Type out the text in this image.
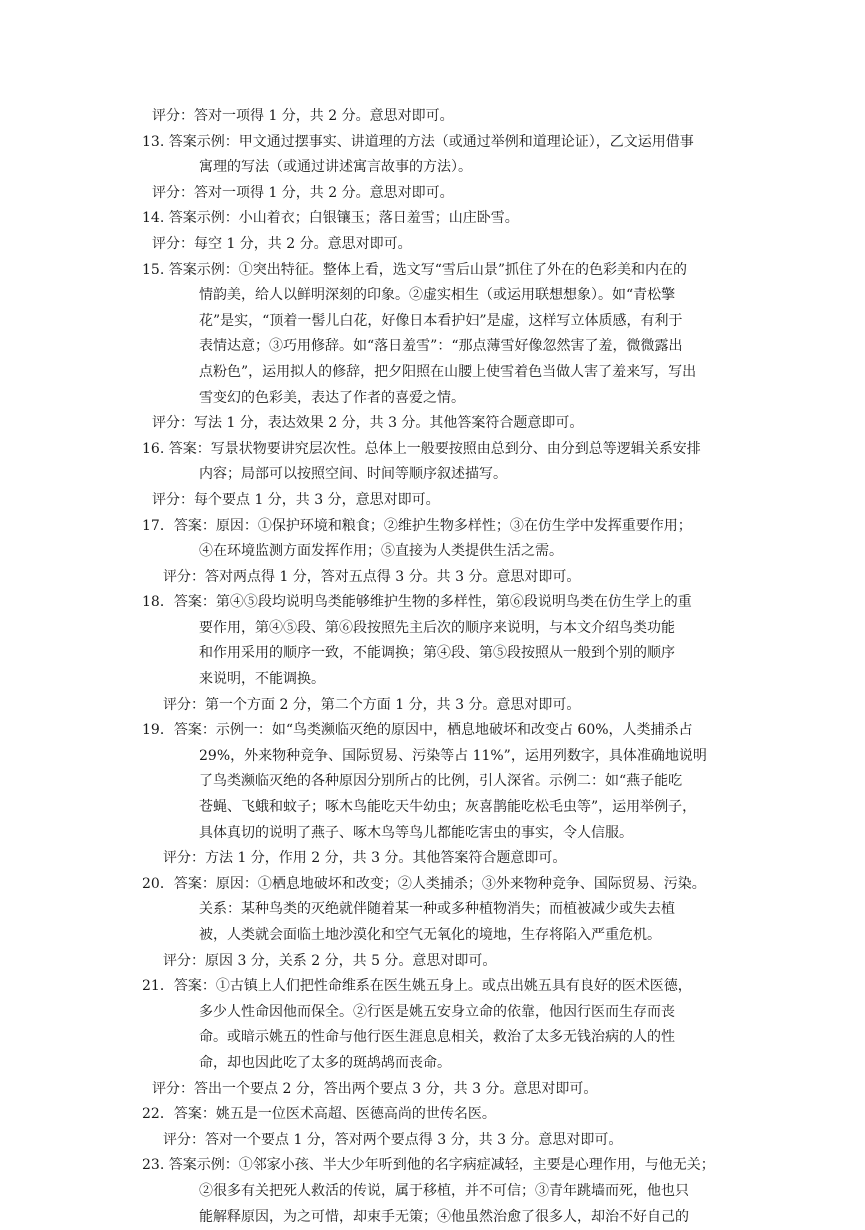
评分：答对一项得 1 分，共 2 分。意思对即可。
13. 答案示例：甲文通过摆事实、讲道理的方法（或通过举例和道理论证），乙文运用借事
寓理的写法（或通过讲述寓言故事的方法）。
评分：答对一项得 1 分，共 2 分。意思对即可。
14. 答案示例：小山着衣；白银镶玉；落日羞雪；山庄卧雪。
评分：每空 1 分，共 2 分。意思对即可。
15. 答案示例：①突出特征。整体上看，选文写“雪后山景”抓住了外在的色彩美和内在的
情韵美，给人以鲜明深刻的印象。②虚实相生（或运用联想想象）。如“青松擎
花”是实，“顶着一髻儿白花，好像日本看护妇”是虚，这样写立体质感，有利于
表情达意；③巧用修辞。如“落日羞雪”：“那点薄雪好像忽然害了羞，微微露出
点粉色”，运用拟人的修辞，把夕阳照在山腰上使雪着色当做人害了羞来写，写出
雪变幻的色彩美，表达了作者的喜爱之情。
评分：写法 1 分，表达效果 2 分，共 3 分。其他答案符合题意即可。
16. 答案：写景状物要讲究层次性。总体上一般要按照由总到分、由分到总等逻辑关系安排
内容；局部可以按照空间、时间等顺序叙述描写。
评分：每个要点 1 分，共 3 分，意思对即可。
17．答案：原因：①保护环境和粮食；②维护生物多样性；③在仿生学中发挥重要作用；
④在环境监测方面发挥作用；⑤直接为人类提供生活之需。
评分：答对两点得 1 分，答对五点得 3 分。共 3 分。意思对即可。
18．答案：第④⑤段均说明鸟类能够维护生物的多样性，第⑥段说明鸟类在仿生学上的重
要作用，第④⑤段、第⑥段按照先主后次的顺序来说明，与本文介绍鸟类功能
和作用采用的顺序一致，不能调换；第④段、第⑤段按照从一般到个别的顺序
来说明，不能调换。
评分：第一个方面 2 分，第二个方面 1 分，共 3 分。意思对即可。
19．答案：示例一：如“鸟类濒临灭绝的原因中，栖息地破坏和改变占 60%，人类捕杀占
29%，外来物种竞争、国际贸易、污染等占 11%”，运用列数字，具体准确地说明
了鸟类濒临灭绝的各种原因分别所占的比例，引人深省。示例二：如“燕子能吃
苍蝇、飞蛾和蚊子；啄木鸟能吃天牛幼虫；灰喜鹊能吃松毛虫等”，运用举例子，
具体真切的说明了燕子、啄木鸟等鸟儿都能吃害虫的事实，令人信服。
评分：方法 1 分，作用 2 分，共 3 分。其他答案符合题意即可。
20．答案：原因：①栖息地破坏和改变；②人类捕杀；③外来物种竞争、国际贸易、污染。
关系：某种鸟类的灭绝就伴随着某一种或多种植物消失；而植被减少或失去植
被，人类就会面临土地沙漠化和空气无氧化的境地，生存将陷入严重危机。
评分：原因 3 分，关系 2 分，共 5 分。意思对即可。
21．答案：①古镇上人们把性命维系在医生姚五身上。或点出姚五具有良好的医术医德，
多少人性命因他而保全。②行医是姚五安身立命的依靠，他因行医而生存而丧
命。或暗示姚五的性命与他行医生涯息息相关，救治了太多无钱治病的人的性
命，却也因此吃了太多的斑鸪鸪而丧命。
评分：答出一个要点 2 分，答出两个要点 3 分，共 3 分。意思对即可。
22．答案：姚五是一位医术高超、医德高尚的世传名医。
评分：答对一个要点 1 分，答对两个要点得 3 分，共 3 分。意思对即可。
23. 答案示例：①邻家小孩、半大少年听到他的名字病症减轻，主要是心理作用，与他无关；
②很多有关把死人救活的传说，属于移植，并不可信；③青年跳墙而死，他也只
能解释原因，为之可惜，却束手无策；④他虽然治愈了很多人，却治不好自己的
